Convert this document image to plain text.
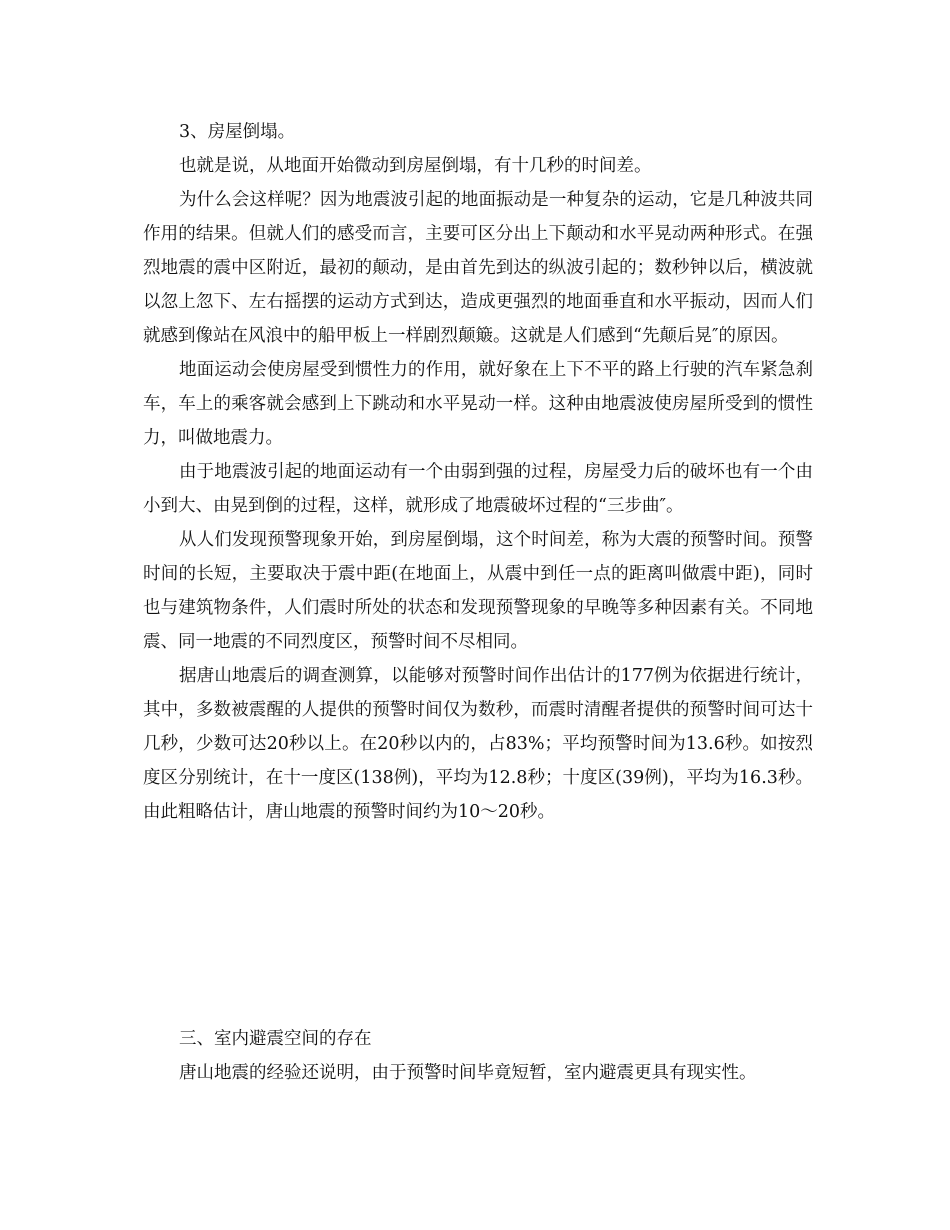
3、房屋倒塌。

也就是说，从地面开始微动到房屋倒塌，有十几秒的时间差。

为什么会这样呢？因为地震波引起的地面振动是一种复杂的运动，它是几种波共同作用的结果。但就人们的感受而言，主要可区分出上下颠动和水平晃动两种形式。在强烈地震的震中区附近，最初的颠动，是由首先到达的纵波引起的；数秒钟以后，横波就以忽上忽下、左右摇摆的运动方式到达，造成更强烈的地面垂直和水平振动，因而人们就感到像站在风浪中的船甲板上一样剧烈颠簸。这就是人们感到“先颠后晃″的原因。

地面运动会使房屋受到惯性力的作用，就好象在上下不平的路上行驶的汽车紧急刹车，车上的乘客就会感到上下跳动和水平晃动一样。这种由地震波使房屋所受到的惯性力，叫做地震力。

由于地震波引起的地面运动有一个由弱到强的过程，房屋受力后的破坏也有一个由小到大、由晃到倒的过程，这样，就形成了地震破坏过程的“三步曲″。

从人们发现预警现象开始，到房屋倒塌，这个时间差，称为大震的预警时间。预警时间的长短，主要取决于震中距(在地面上，从震中到任一点的距离叫做震中距)，同时也与建筑物条件，人们震时所处的状态和发现预警现象的早晚等多种因素有关。不同地震、同一地震的不同烈度区，预警时间不尽相同。

据唐山地震后的调查测算，以能够对预警时间作出估计的177例为依据进行统计，其中，多数被震醒的人提供的预警时间仅为数秒，而震时清醒者提供的预警时间可达十几秒，少数可达20秒以上。在20秒以内的，占83%；平均预警时间为13.6秒。如按烈度区分别统计，在十一度区(138例)，平均为12.8秒；十度区(39例)，平均为16.3秒。由此粗略估计，唐山地震的预警时间约为10～20秒。

三、室内避震空间的存在

唐山地震的经验还说明，由于预警时间毕竟短暂，室内避震更具有现实性。
